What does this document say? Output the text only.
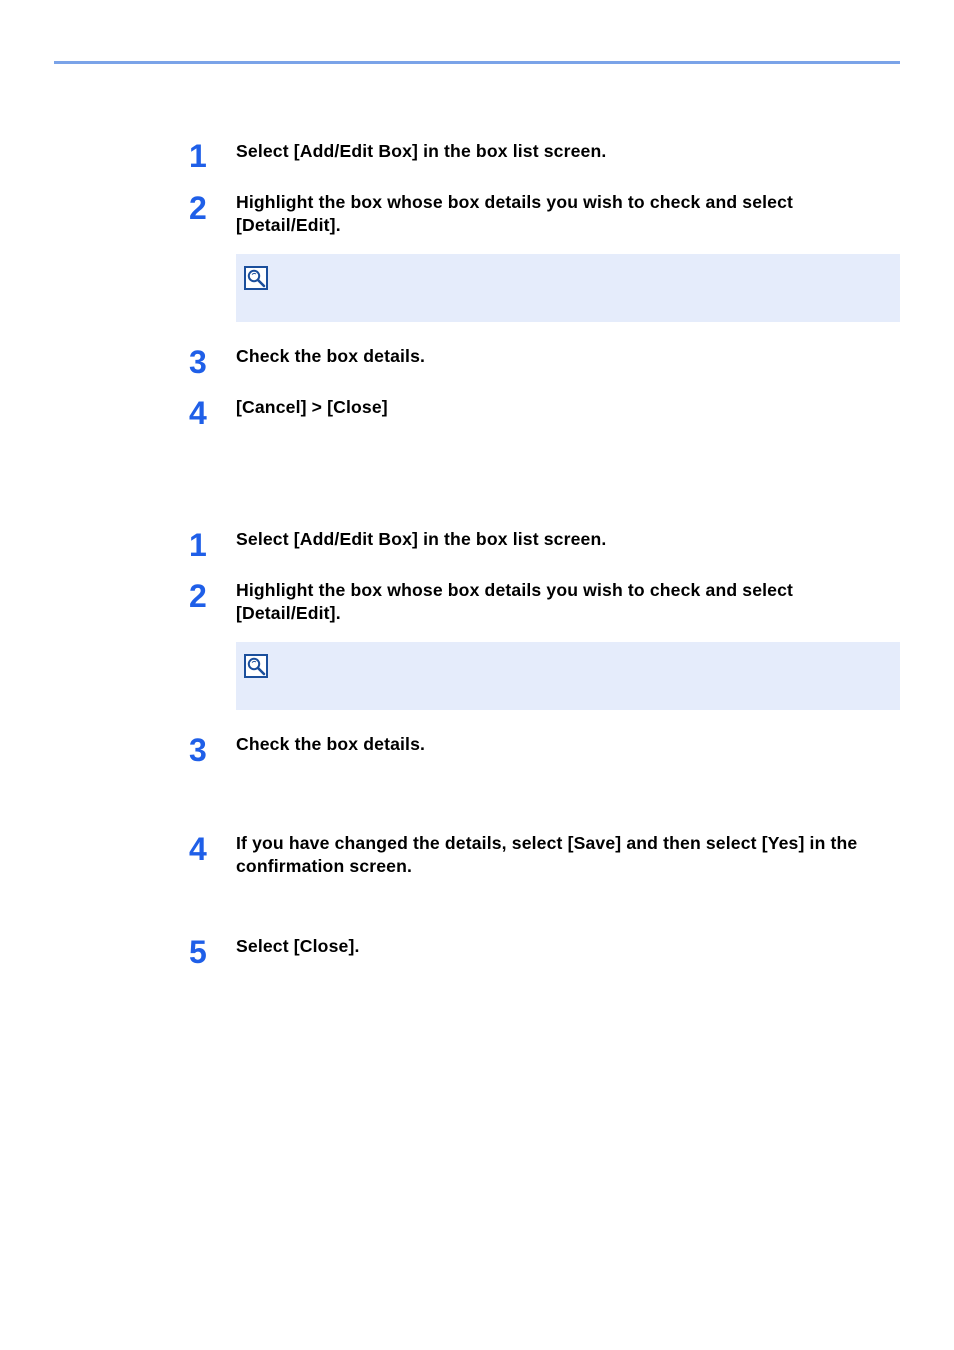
1	Select [Add/Edit Box] in the box list screen.
2	Highlight the box whose box details you wish to check and select [Detail/Edit].
3	Check the box details.
4	[Cancel] > [Close]
1	Select [Add/Edit Box] in the box list screen.
2	Highlight the box whose box details you wish to check and select [Detail/Edit].
3	Check the box details.
4	If you have changed the details, select [Save] and then select [Yes] in the confirmation screen.
5	Select [Close].
